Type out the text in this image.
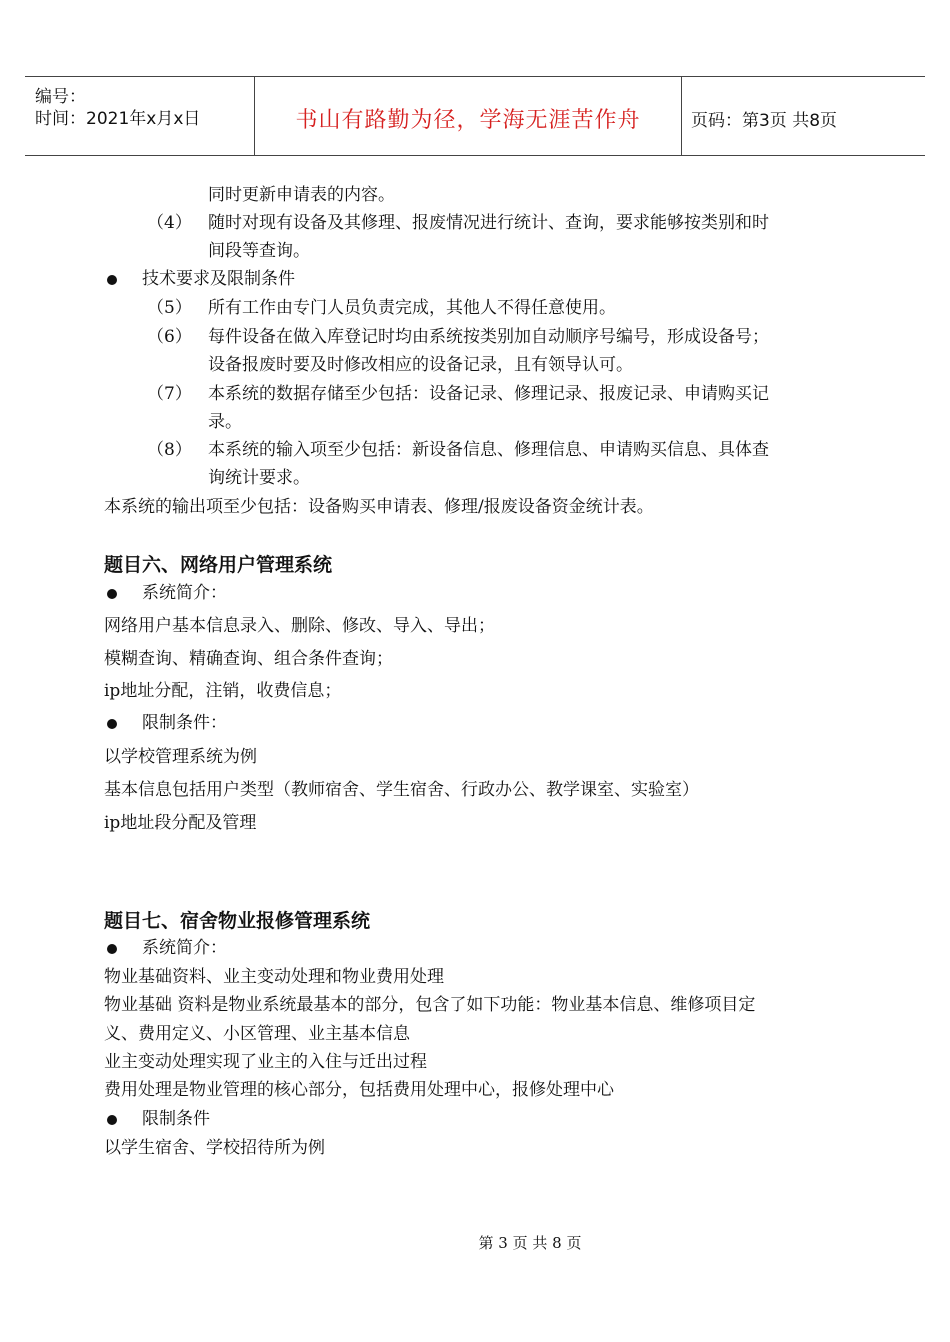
编号：
时间：2021年x月x日	书山有路勤为径，学海无涯苦作舟	页码：第3页 共8页
同时更新申请表的内容。
（4） 随时对现有设备及其修理、报废情况进行统计、查询，要求能够按类别和时
间段等查询。
技术要求及限制条件
（5） 所有工作由专门人员负责完成，其他人不得任意使用。
（6） 每件设备在做入库登记时均由系统按类别加自动顺序号编号，形成设备号；
设备报废时要及时修改相应的设备记录，且有领导认可。
（7） 本系统的数据存储至少包括：设备记录、修理记录、报废记录、申请购买记
录。
（8） 本系统的输入项至少包括：新设备信息、修理信息、申请购买信息、具体查
询统计要求。
本系统的输出项至少包括：设备购买申请表、修理/报废设备资金统计表。
题目六、网络用户管理系统
系统简介：
网络用户基本信息录入、删除、修改、导入、导出；
模糊查询、精确查询、组合条件查询；
ip地址分配，注销，收费信息；
限制条件：
以学校管理系统为例
基本信息包括用户类型（教师宿舍、学生宿舍、行政办公、教学课室、实验室）
ip地址段分配及管理
题目七、宿舍物业报修管理系统
系统简介：
物业基础资料、业主变动处理和物业费用处理
物业基础 资料是物业系统最基本的部分，包含了如下功能：物业基本信息、维修项目定
义、费用定义、小区管理、业主基本信息
业主变动处理实现了业主的入住与迁出过程
费用处理是物业管理的核心部分，包括费用处理中心，报修处理中心
限制条件
以学生宿舍、学校招待所为例
第 3 页 共 8 页
